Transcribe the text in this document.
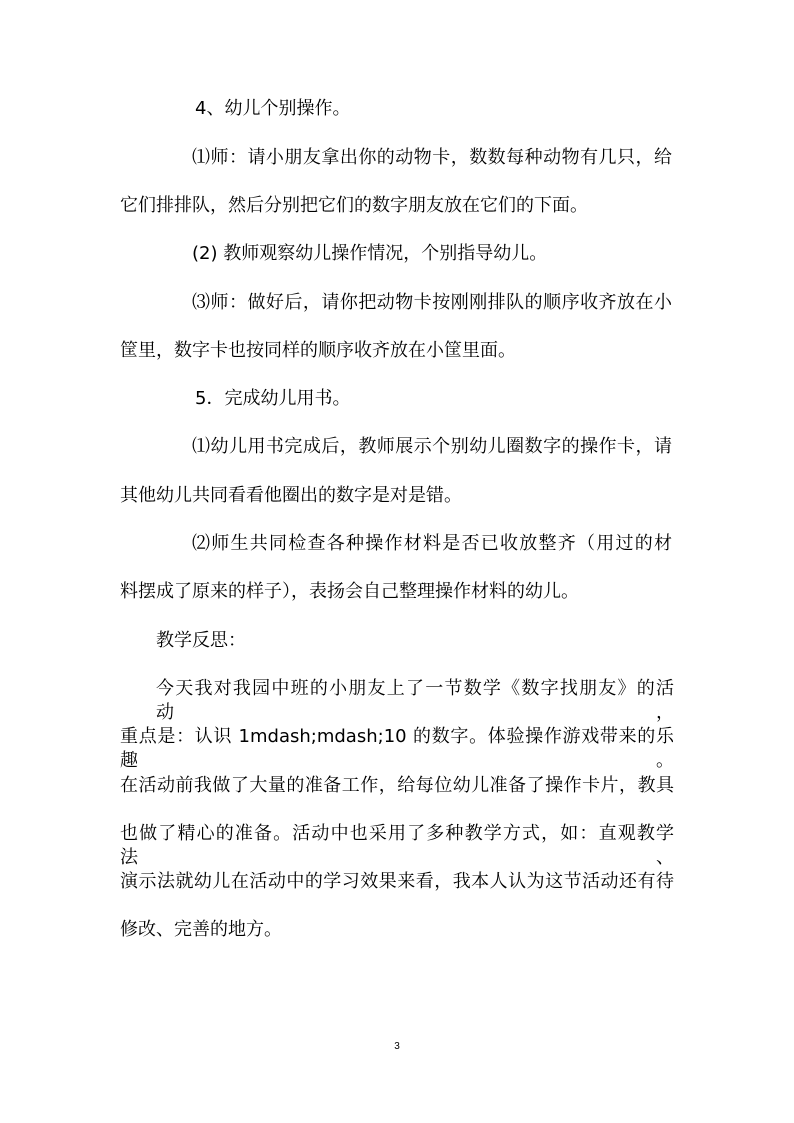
4、幼儿个别操作。
⑴师：请小朋友拿出你的动物卡，数数每种动物有几只，给
它们排排队，然后分别把它们的数字朋友放在它们的下面。
(2) 教师观察幼儿操作情况，个别指导幼儿。
⑶师：做好后，请你把动物卡按刚刚排队的顺序收齐放在小
筐里，数字卡也按同样的顺序收齐放在小筐里面。
5．完成幼儿用书。
⑴幼儿用书完成后，教师展示个别幼儿圈数字的操作卡，请
其他幼儿共同看看他圈出的数字是对是错。
⑵师生共同检查各种操作材料是否已收放整齐（用过的材
料摆成了原来的样子），表扬会自己整理操作材料的幼儿。
教学反思：
今天我对我园中班的小朋友上了一节数学《数字找朋友》的活动，
重点是：认识 1mdash;mdash;10 的数字。体验操作游戏带来的乐趣。
在活动前我做了大量的准备工作，给每位幼儿准备了操作卡片，教具
也做了精心的准备。活动中也采用了多种教学方式，如：直观教学法、
演示法就幼儿在活动中的学习效果来看，我本人认为这节活动还有待
修改、完善的地方。
3
